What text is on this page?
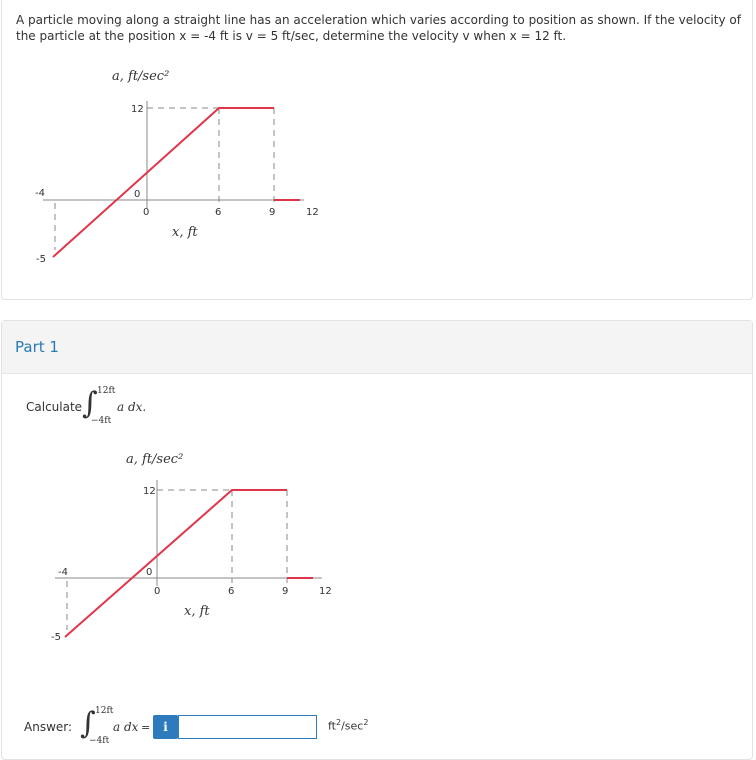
A particle moving along a straight line has an acceleration which varies according to position as shown. If the velocity of the particle at the position x = -4 ft is v = 5 ft/sec, determine the velocity v when x = 12 ft.
a, ft/sec²
12
0
0	6	9	12
-4
-5
x, ft
Part 1
Calculate ∫ 12ft
−4ft
a dx.
a, ft/sec²
12
0
0	6	9	12
-4
-5
x, ft
Answer: ∫ 12ft
−4ft
a dx =	i	$ft^2/\sec^2$
